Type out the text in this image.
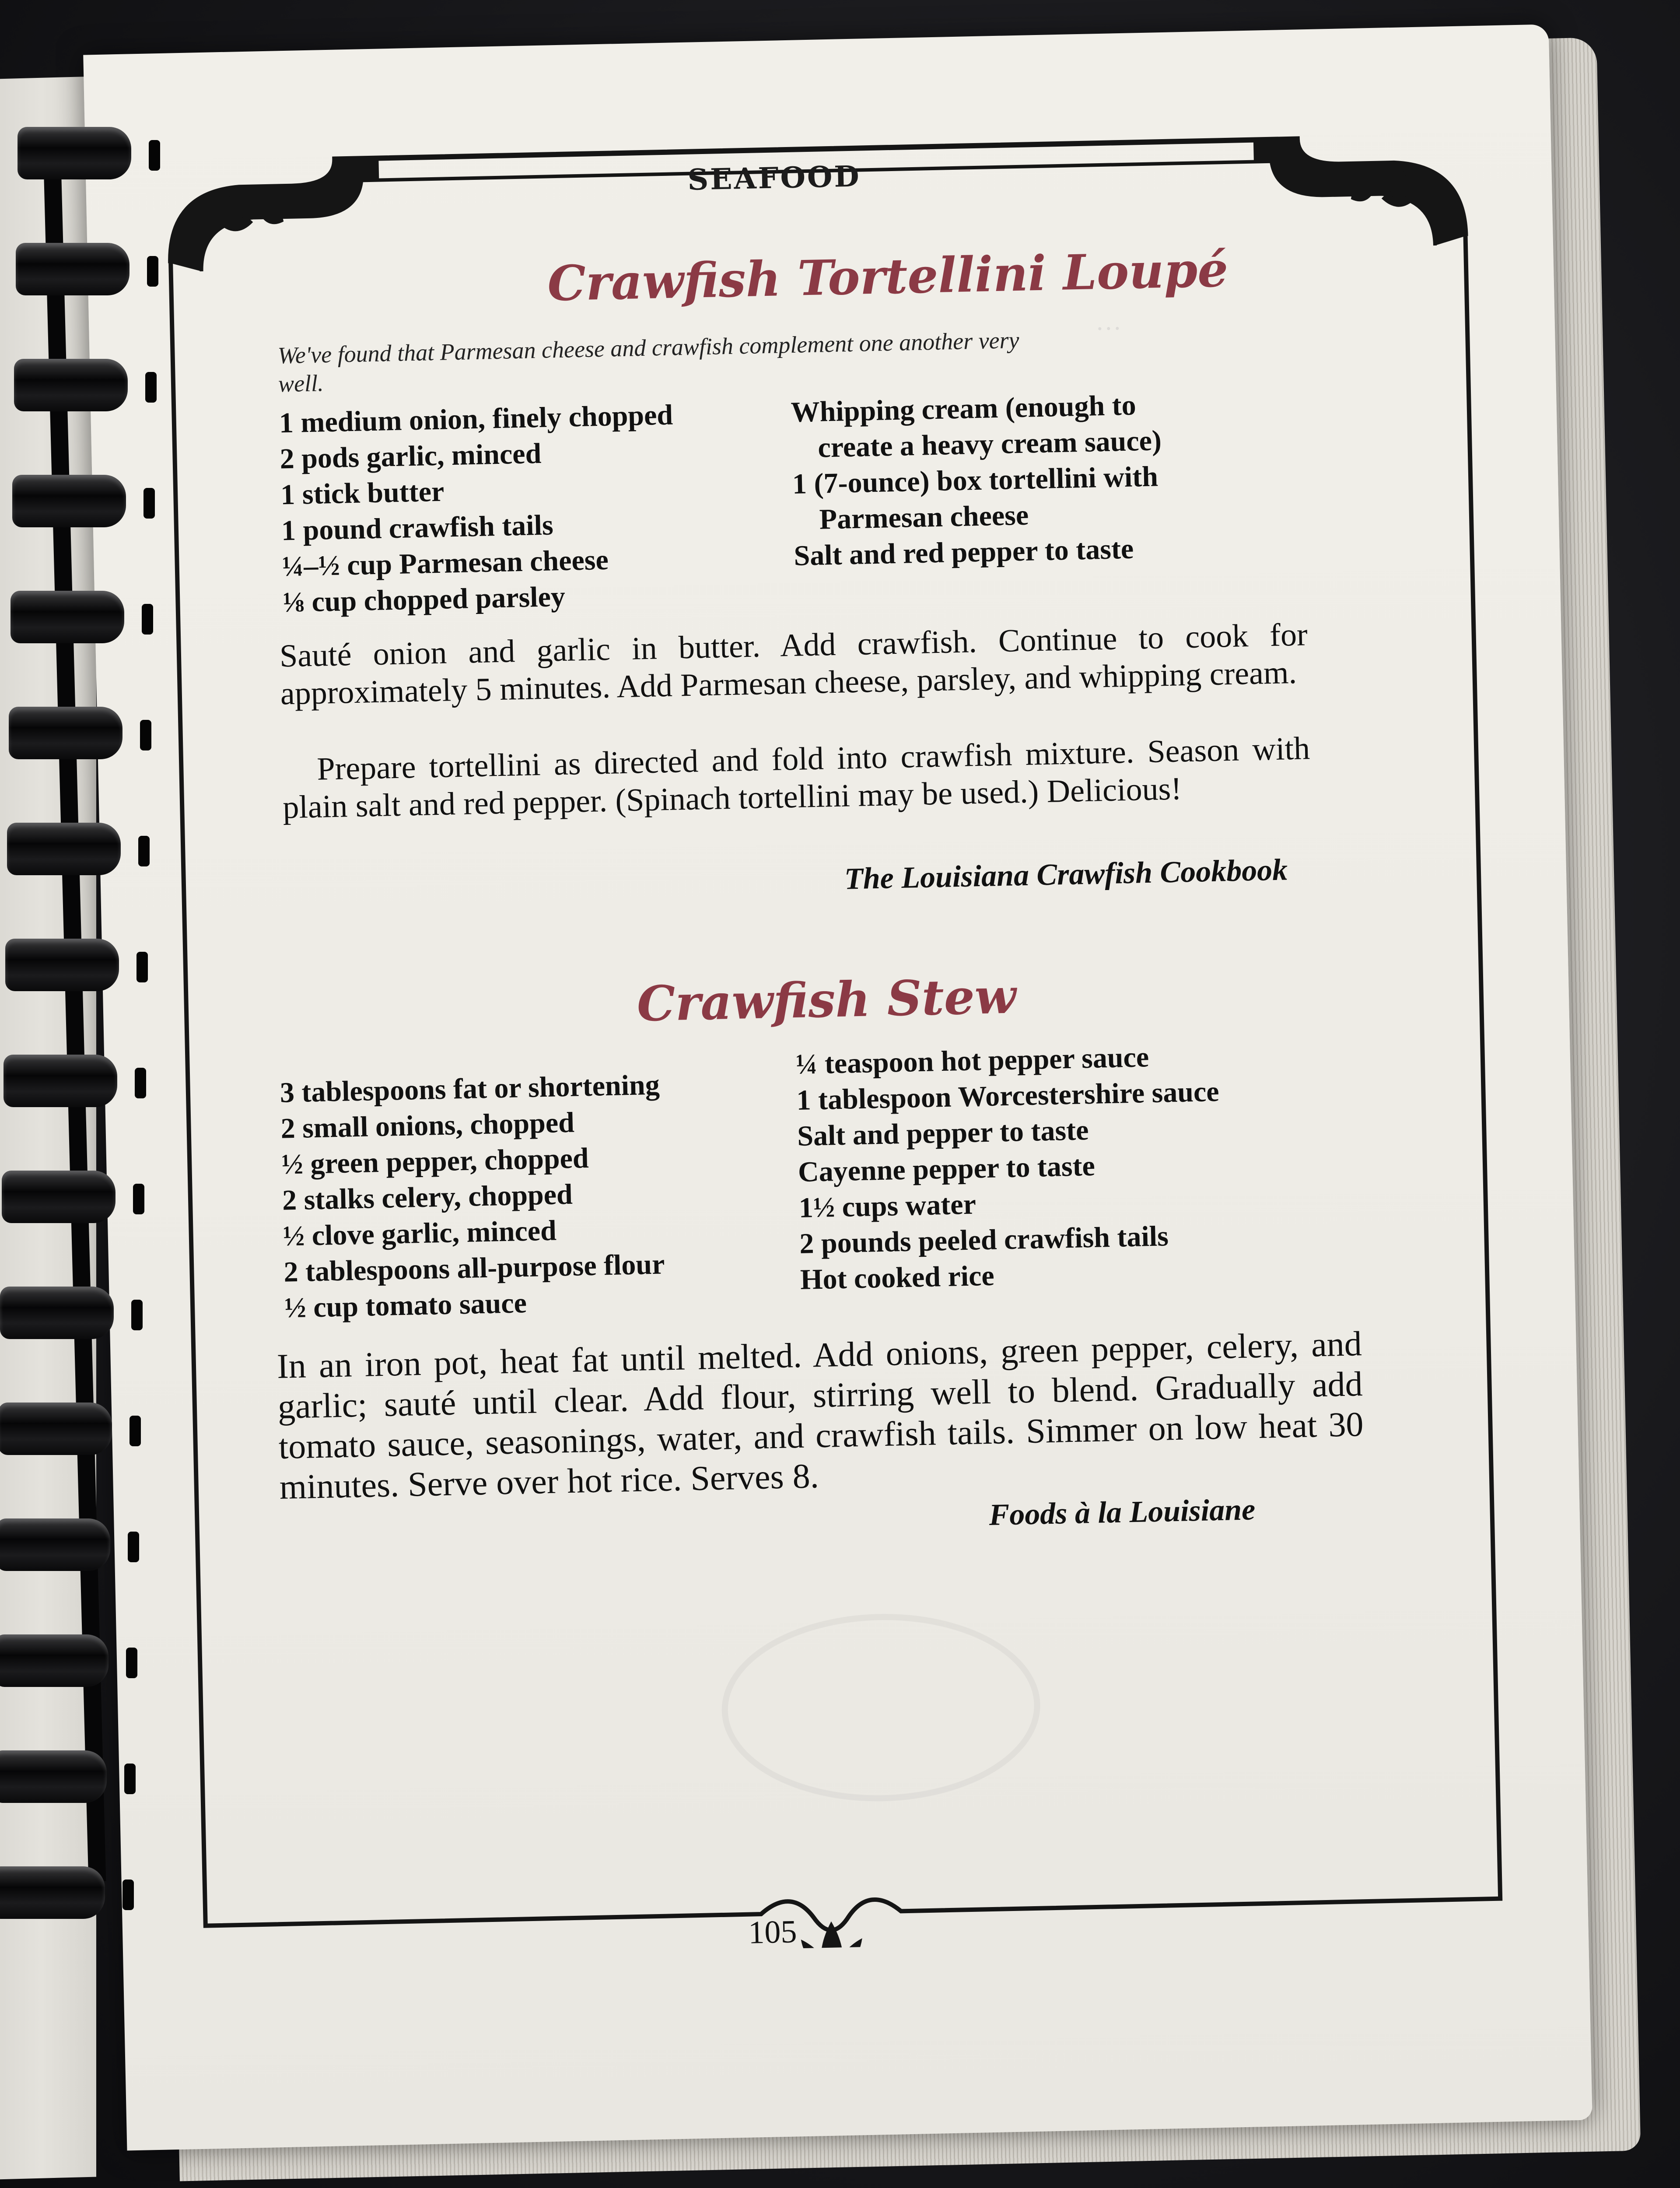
···
SEAFOOD
Crawfish Tortellini Loupé
We've found that Parmesan cheese and crawfish complement one another very
well.
1 medium onion, finely chopped
2 pods garlic, minced
1 stick butter
1 pound crawfish tails
¼–½ cup Parmesan cheese
⅛ cup chopped parsley
Whipping cream (enough to
create a heavy cream sauce)
1 (7-ounce) box tortellini with
Parmesan cheese
Salt and red pepper to taste
Sauté onion and garlic in butter. Add crawfish. Continue to cook for approximately 5 minutes. Add Parmesan cheese, parsley, and whipping cream.
Prepare tortellini as directed and fold into crawfish mixture. Season with plain salt and red pepper. (Spinach tortellini may be used.) Delicious!
The Louisiana Crawfish Cookbook
Crawfish Stew
3 tablespoons fat or shortening
2 small onions, chopped
½ green pepper, chopped
2 stalks celery, chopped
½ clove garlic, minced
2 tablespoons all-purpose flour
½ cup tomato sauce
¼ teaspoon hot pepper sauce
1 tablespoon Worcestershire sauce
Salt and pepper to taste
Cayenne pepper to taste
1½ cups water
2 pounds peeled crawfish tails
Hot cooked rice
In an iron pot, heat fat until melted. Add onions, green pepper, celery, and garlic; sauté until clear. Add flour, stirring well to blend. Gradually add tomato sauce, seasonings, water, and crawfish tails. Simmer on low heat 30 minutes. Serve over hot rice. Serves 8.
Foods à la Louisiane
105
